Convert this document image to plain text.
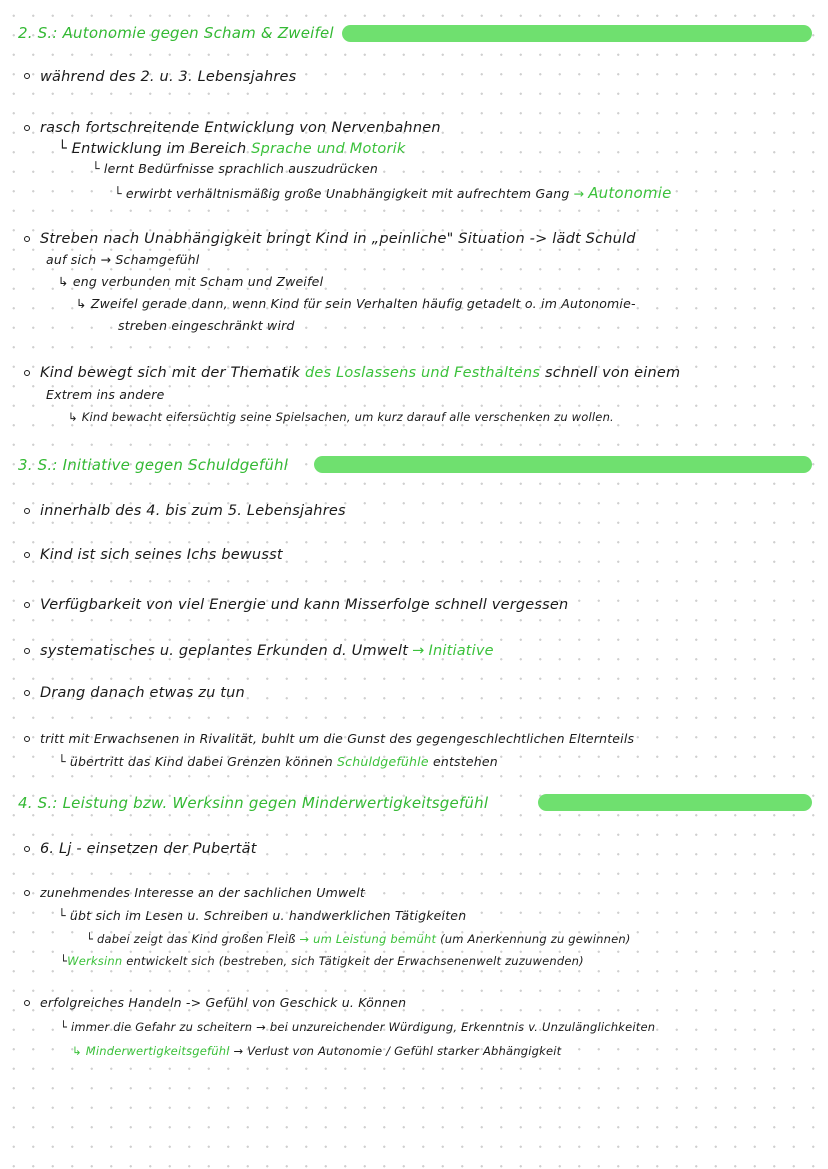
2. S.: Autonomie gegen Scham & Zweifel
während des 2. u. 3. Lebensjahres
rasch fortschreitende Entwicklung von Nervenbahnen
└ Entwicklung im Bereich Sprache und Motorik
└ lernt Bedürfnisse sprachlich auszudrücken
└ erwirbt verhältnismäßig große Unabhängigkeit mit aufrechtem Gang → Autonomie
Streben nach Unabhängigkeit bringt Kind in „peinliche" Situation -> lädt Schuld
auf sich → Schamgefühl
↳ eng verbunden mit Scham und Zweifel
↳ Zweifel gerade dann, wenn Kind für sein Verhalten häufig getadelt o. im Autonomie-
streben eingeschränkt wird
Kind bewegt sich mit der Thematik des Loslassens und Festhaltens schnell von einem
Extrem ins andere
↳ Kind bewacht eifersüchtig seine Spielsachen, um kurz darauf alle verschenken zu wollen.
3. S.: Initiative gegen Schuldgefühl
innerhalb des 4. bis zum 5. Lebensjahres
Kind ist sich seines Ichs bewusst
Verfügbarkeit von viel Energie und kann Misserfolge schnell vergessen
systematisches u. geplantes Erkunden d. Umwelt → Initiative
Drang danach etwas zu tun
tritt mit Erwachsenen in Rivalität, buhlt um die Gunst des gegengeschlechtlichen Elternteils
└ übertritt das Kind dabei Grenzen können Schuldgefühle entstehen
4. S.: Leistung bzw. Werksinn gegen Minderwertigkeitsgefühl
6. Lj - einsetzen der Pubertät
zunehmendes Interesse an der sachlichen Umwelt
└ übt sich im Lesen u. Schreiben u. handwerklichen Tätigkeiten
└ dabei zeigt das Kind großen Fleiß → um Leistung bemüht (um Anerkennung zu gewinnen)
└Werksinn entwickelt sich (bestreben, sich Tätigkeit der Erwachsenenwelt zuzuwenden)
erfolgreiches Handeln -> Gefühl von Geschick u. Können
└ immer die Gefahr zu scheitern → bei unzureichender Würdigung, Erkenntnis v. Unzulänglichkeiten
↳ Minderwertigkeitsgefühl → Verlust von Autonomie / Gefühl starker Abhängigkeit
